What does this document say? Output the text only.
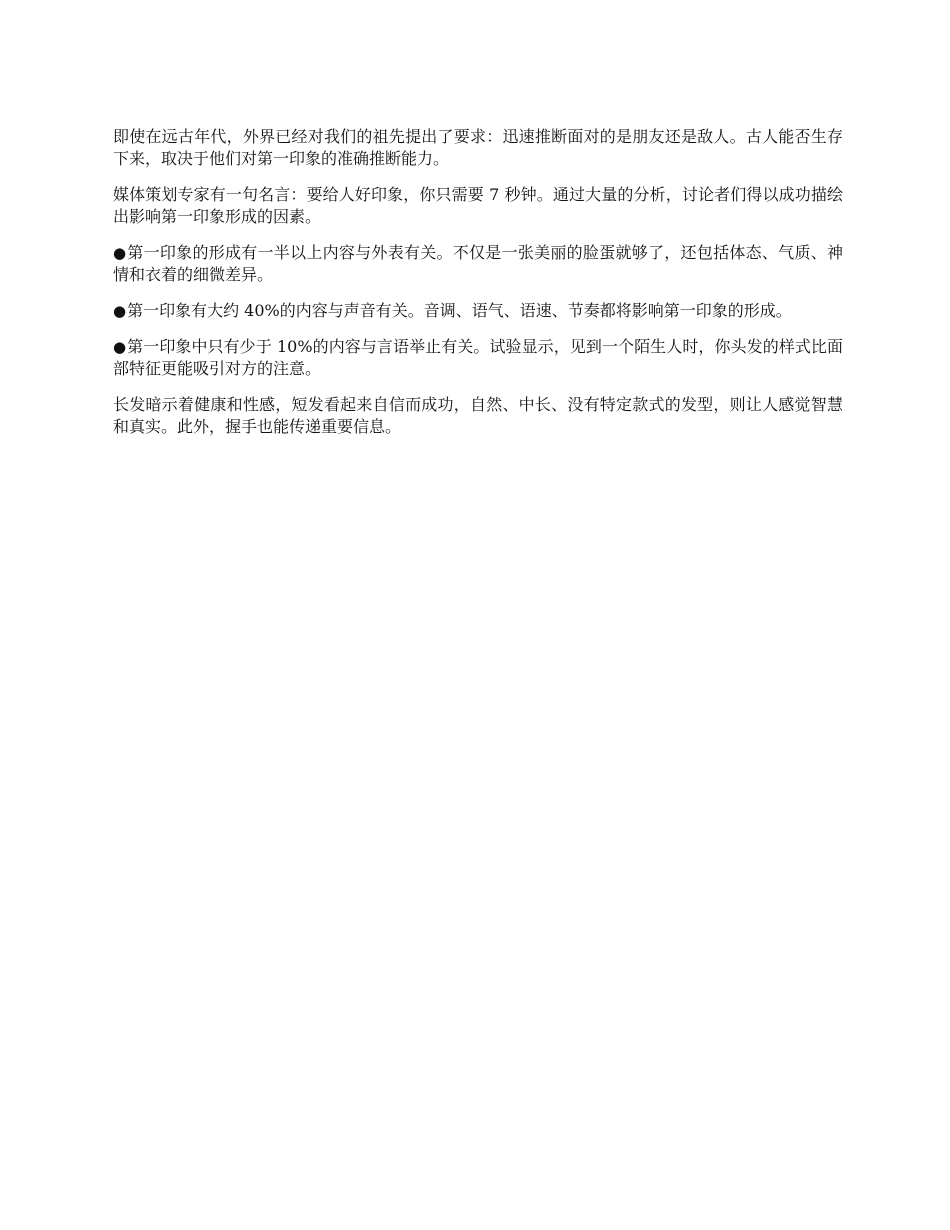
即使在远古年代，外界已经对我们的祖先提出了要求：迅速推断面对的是朋友还是敌人。古人能否生存下来，取决于他们对第一印象的准确推断能力。

媒体策划专家有一句名言：要给人好印象，你只需要 7 秒钟。通过大量的分析，讨论者们得以成功描绘出影响第一印象形成的因素。

●第一印象的形成有一半以上内容与外表有关。不仅是一张美丽的脸蛋就够了，还包括体态、气质、神情和衣着的细微差异。

●第一印象有大约 40%的内容与声音有关。音调、语气、语速、节奏都将影响第一印象的形成。

●第一印象中只有少于 10%的内容与言语举止有关。试验显示，见到一个陌生人时，你头发的样式比面部特征更能吸引对方的注意。

长发暗示着健康和性感，短发看起来自信而成功，自然、中长、没有特定款式的发型，则让人感觉智慧和真实。此外，握手也能传递重要信息。
